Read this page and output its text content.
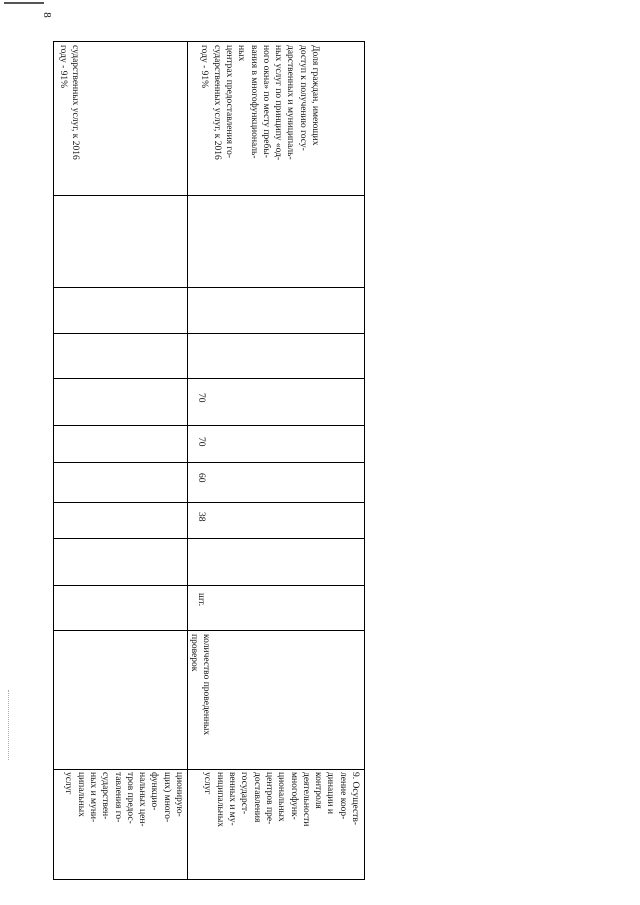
8

ционирую-

щих) много-

функцио-

нальных цен-

тров предос-

тавления го-

сударствен-

ных и муни-

ципальных

услуг

сударственных услуг, к 2016

году - 91%

9. Осуществ-

ление коор-

динации и

контроля

деятельности

многофунк-

циональных

центров пре-

доставления

государст-

венных и му-

ниципальных

услуг

количество проведенных

проверок

шт.

38

60

70

70

Доля граждан, имеющих

доступ к получению госу-

дарственных и муниципаль-

ных услуг по принципу «од-

ного окна» по месту пребы-

вания в многофункциональ-

ных

центрах предоставления го-

сударственных услуг, к 2016

году - 91%
